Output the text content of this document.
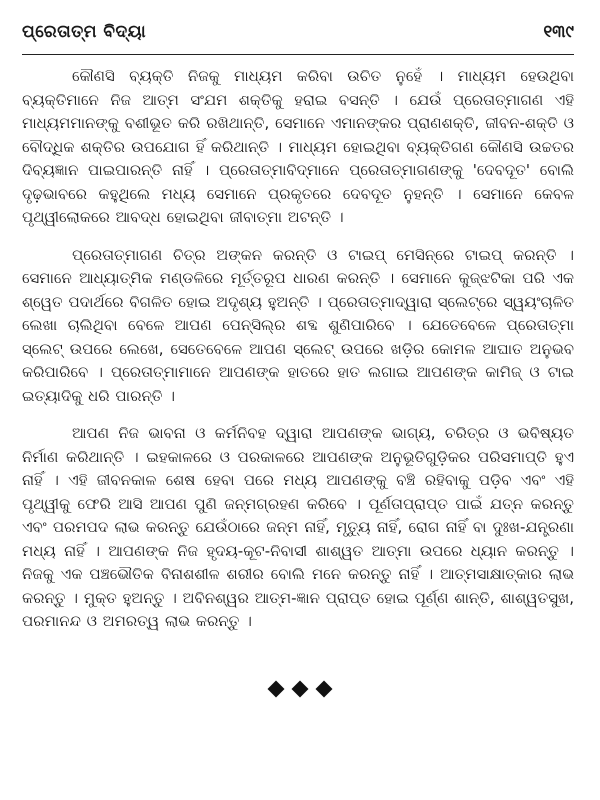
ପ୍ରେତାତ୍ମ ବିଦ୍ୟା	୧୩୯

କୌଣସି ବ୍ୟକ୍ତି ନିଜକୁ ମାଧ୍ୟମ କରିବା ଉଚିତ ନୁହେଁ । ମାଧ୍ୟମ ହେଉଥିବା ବ୍ୟକ୍ତିମାନେ ନିଜ ଆତ୍ମ ସଂଯମ ଶକ୍ତିକୁ ହରାଇ ବସନ୍ତି । ଯେଉଁ ପ୍ରେତାତ୍ମାଗଣ ଏହି ମାଧ୍ୟମମାନଙ୍କୁ ବଶୀଭୂତ କରି ରଖିଥାନ୍ତି, ସେମାନେ ଏମାନଙ୍କର ପ୍ରାଣଶକ୍ତି, ଜୀବନ-ଶକ୍ତି ଓ ବୌଦ୍ଧିକ ଶକ୍ତିର ଉପଯୋଗ ହିଁ କରିଥାନ୍ତି । ମାଧ୍ୟମ ହୋଇଥିବା ବ୍ୟକ୍ତିଗଣ କୌଣସି ଉଚ୍ଚତର ଦିବ୍ୟଜ୍ଞାନ ପାଇପାରନ୍ତି ନାହିଁ । ପ୍ରେତାତ୍ମାବିଦ୍‌ମାନେ ପ୍ରେତାତ୍ମାଗଣଙ୍କୁ 'ଦେବଦୂତ' ବୋଲି ଦୃଢ଼ଭାବରେ କହୁଥିଲେ ମଧ୍ୟ ସେମାନେ ପ୍ରକୃତରେ ଦେବଦୂତ ନୁହନ୍ତି । ସେମାନେ କେବଳ ପୃଥ୍ୱୀଲୋକରେ ଆବଦ୍ଧ ହୋଇଥିବା ଜୀବାତ୍ମା ଅଟନ୍ତି ।

ପ୍ରେତାତ୍ମାଗଣ ଚିତ୍ର ଅଙ୍କନ କରନ୍ତି ଓ ଟାଇପ୍ ମେସିନ୍‌ରେ ଟାଇପ୍ କରନ୍ତି । ସେମାନେ ଆଧ୍ୟାତ୍ମିକ ମଣ୍ଡଳିରେ ମୂର୍ତ୍ତରୂପ ଧାରଣ କରନ୍ତି । ସେମାନେ କୁଜ୍‌ଝଟିକା ପରି ଏକ ଶ୍ୱେତ ପଦାର୍ଥରେ ବିଗଳିତ ହୋଇ ଅଦୃଶ୍ୟ ହୁଅନ୍ତି । ପ୍ରେତାତ୍ମାଦ୍ୱାରା ସ୍ଲେଟ୍‌ରେ ସ୍ୱୟଂଚାଳିତ ଲେଖା ଚାଲିଥିବା ବେଳେ ଆପଣ ପେନ୍‌ସିଲ୍‌ର ଶବ୍ଦ ଶୁଣିପାରିବେ । ଯେତେବେଳେ ପ୍ରେତାତ୍ମା ସ୍ଲେଟ୍ ଉପରେ ଲେଖେ, ସେତେବେଳେ ଆପଣ ସ୍ଲେଟ୍ ଉପରେ ଖଡ଼ିର କୋମଳ ଆଘାତ ଅନୁଭବ କରିପାରିବେ । ପ୍ରେତାତ୍ମାମାନେ ଆପଣଙ୍କ ହାତରେ ହାତ ଲଗାଇ ଆପଣଙ୍କ କାମିଜ୍ ଓ ଟାଇ ଇତ୍ୟାଦିକୁ ଧରି ପାରନ୍ତି ।

ଆପଣ ନିଜ ଭାବନା ଓ କର୍ମନିବହ ଦ୍ୱାରା ଆପଣଙ୍କ ଭାଗ୍ୟ, ଚରିତ୍ର ଓ ଭବିଷ୍ୟତ ନିର୍ମାଣ କରିଥାନ୍ତି । ଇହକାଳରେ ଓ ପରକାଳରେ ଆପଣଙ୍କ ଅନୁଭୂତିଗୁଡ଼ିକର ପରିସମାପ୍ତି ହୁଏ ନାହିଁ । ଏହି ଜୀବନକାଳ ଶେଷ ହେବା ପରେ ମଧ୍ୟ ଆପଣଙ୍କୁ ବଞ୍ଚି ରହିବାକୁ ପଡ଼ିବ ଏବଂ ଏହି ପୃଥ୍ୱୀକୁ ଫେରି ଆସି ଆପଣ ପୁଣି ଜନ୍ମଗ୍ରହଣ କରିବେ । ପୂର୍ଣତାପ୍ରାପ୍ତ ପାଇଁ ଯତ୍ନ କରନ୍ତୁ ଏବଂ ପରମପଦ ଲାଭ କରନ୍ତୁ ଯେଉଁଠାରେ ଜନ୍ମ ନାହିଁ, ମୃତ୍ୟୁ ନାହିଁ, ରୋଗ ନାହିଁ ବା ଦୁଃଖ-ଯନ୍ତ୍ରଣା ମଧ୍ୟ ନାହିଁ । ଆପଣଙ୍କ ନିଜ ହୃଦୟ-କୂଟ-ନିବାସୀ ଶାଶ୍ୱତ ଆତ୍ମା ଉପରେ ଧ୍ୟାନ କରନ୍ତୁ । ନିଜକୁ ଏକ ପଞ୍ଚଭୌତିକ ବିନାଶଶୀଳ ଶରୀର ବୋଲି ମନେ କରନ୍ତୁ ନାହିଁ । ଆତ୍ମସାକ୍ଷାତ୍‌କାର ଲାଭ କରନ୍ତୁ । ମୁକ୍ତ ହୁଅନ୍ତୁ । ଅବିନଶ୍ୱର ଆତ୍ମ-ଜ୍ଞାନ ପ୍ରାପ୍ତ ହୋଇ ପୂର୍ଣ୍ଣ ଶାନ୍ତି, ଶାଶ୍ୱତସୁଖ, ପରମାନନ୍ଦ ଓ ଅମରତ୍ୱ ଲାଭ କରନ୍ତୁ ।
